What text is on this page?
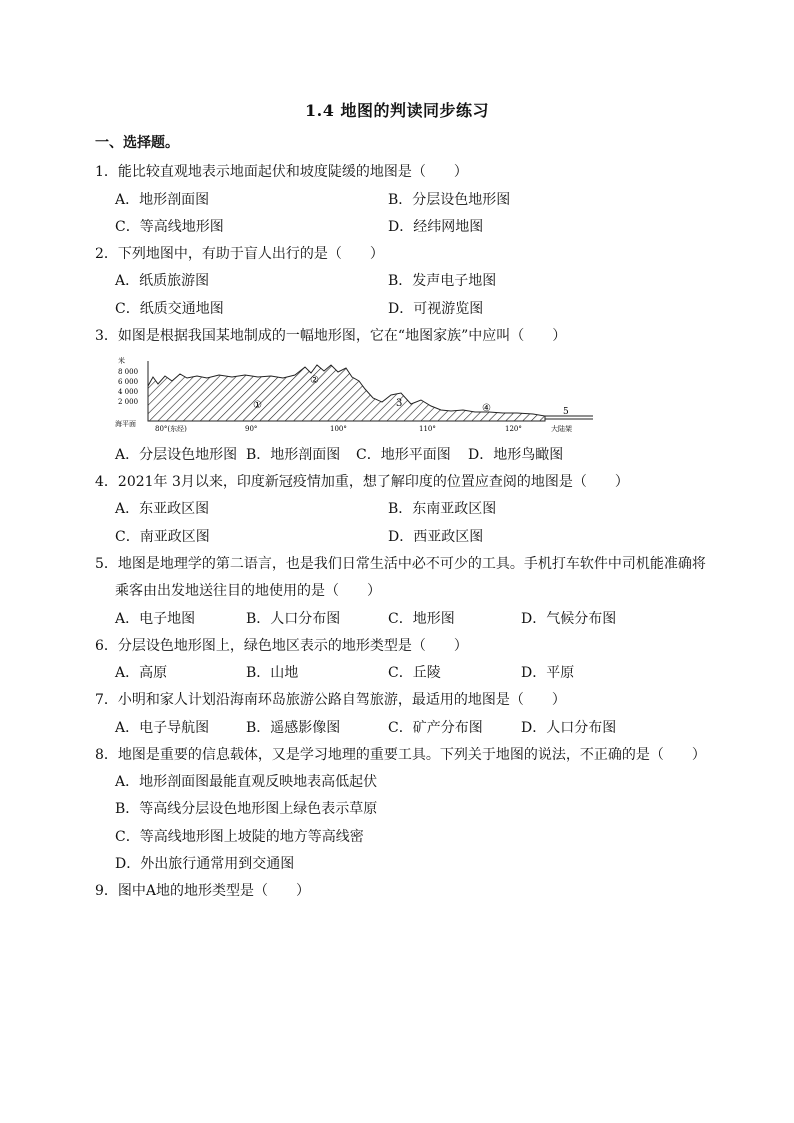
1.4 地图的判读同步练习
一、选择题。
1．能比较直观地表示地面起伏和坡度陡缓的地图是（　　）
A．地形剖面图	B．分层设色地形图
C．等高线地形图	D．经纬网地图
2．下列地图中，有助于盲人出行的是（　　）
A．纸质旅游图	B．发声电子地图
C．纸质交通地图	D．可视游览图
3．如图是根据我国某地制成的一幅地形图，它在“地图家族”中应叫（　　）
米
8 000
6 000
4 000
2 000
海平面
80°(东经)	90°	100°	110°	120°
①
②
3	④	5
大陆架
A．分层设色地形图 B．地形剖面图 C．地形平面图 D．地形鸟瞰图
4．2021年 3月以来，印度新冠疫情加重，想了解印度的位置应查阅的地图是（　　）
A．东亚政区图	B．东南亚政区图
C．南亚政区图	D．西亚政区图
5．地图是地理学的第二语言，也是我们日常生活中必不可少的工具。手机打车软件中司机能准确将
乘客由出发地送往目的地使用的是（　　）
A．电子地图	B．人口分布图	C．地形图	D．气候分布图
6．分层设色地形图上，绿色地区表示的地形类型是（　　）
A．高原	B．山地	C．丘陵	D．平原
7．小明和家人计划沿海南环岛旅游公路自驾旅游，最适用的地图是（　　）
A．电子导航图	B．遥感影像图	C．矿产分布图	D．人口分布图
8．地图是重要的信息载体，又是学习地理的重要工具。下列关于地图的说法，不正确的是（　　）
A．地形剖面图最能直观反映地表高低起伏
B．等高线分层设色地形图上绿色表示草原
C．等高线地形图上坡陡的地方等高线密
D．外出旅行通常用到交通图
9．图中A地的地形类型是（　　）
